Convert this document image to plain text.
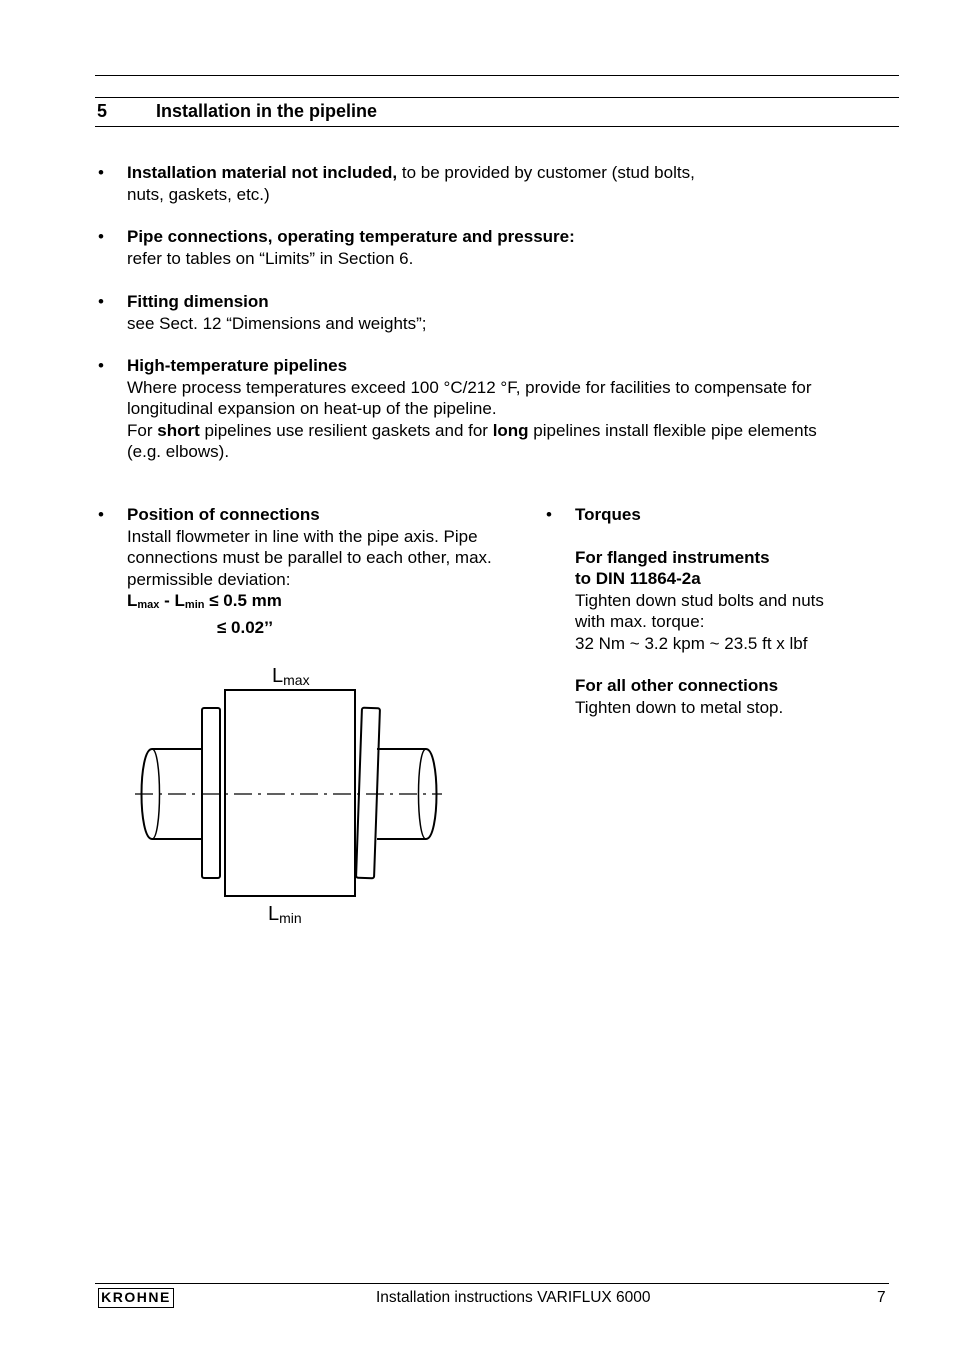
5	Installation in the pipeline
• Installation material not included, to be provided by customer (stud bolts,
nuts, gaskets, etc.)
• Pipe connections, operating temperature and pressure:
refer to tables on “Limits” in Section 6.
• Fitting dimension
see Sect. 12 “Dimensions and weights”;
• High-temperature pipelines
Where process temperatures exceed 100 °C/212 °F, provide for facilities to compensate for
longitudinal expansion on heat-up of the pipeline.
For short pipelines use resilient gaskets and for long pipelines install flexible pipe elements
(e.g. elbows).
• Position of connections
Install flowmeter in line with the pipe axis. Pipe
connections must be parallel to each other, max.
permissible deviation:
$L_{max} - L_{min} \le 0.5$ mm
≤ 0.02’’
Lmax
Lmin
• Torques
For flanged instruments
to DIN 11864-2a
Tighten down stud bolts and nuts
with max. torque:
32 Nm ~ 3.2 kpm ~ 23.5 ft x lbf
For all other connections
Tighten down to metal stop.
KROHNE	Installation instructions VARIFLUX 6000	7
